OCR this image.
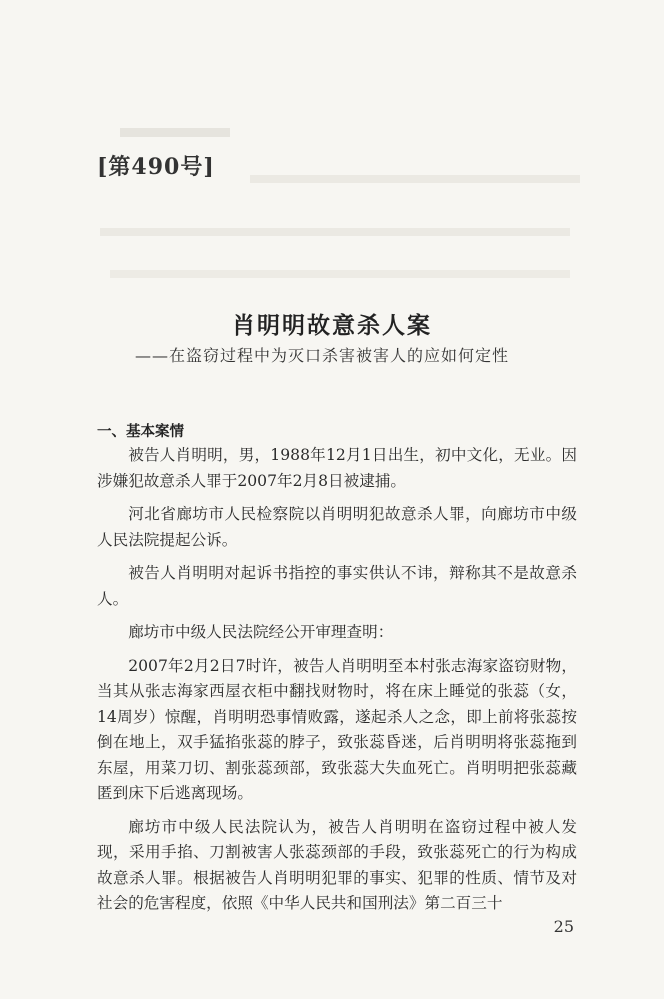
[第490号]
肖明明故意杀人案
——在盗窃过程中为灭口杀害被害人的应如何定性
一、基本案情

被告人肖明明，男，1988年12月1日出生，初中文化，无业。因涉嫌犯故意杀人罪于2007年2月8日被逮捕。

河北省廊坊市人民检察院以肖明明犯故意杀人罪，向廊坊市中级人民法院提起公诉。

被告人肖明明对起诉书指控的事实供认不讳，辩称其不是故意杀人。

廊坊市中级人民法院经公开审理查明：

2007年2月2日7时许，被告人肖明明至本村张志海家盗窃财物，当其从张志海家西屋衣柜中翻找财物时，将在床上睡觉的张蕊（女，14周岁）惊醒，肖明明恐事情败露，遂起杀人之念，即上前将张蕊按倒在地上，双手猛掐张蕊的脖子，致张蕊昏迷，后肖明明将张蕊拖到东屋，用菜刀切、割张蕊颈部，致张蕊大失血死亡。肖明明把张蕊藏匿到床下后逃离现场。

廊坊市中级人民法院认为，被告人肖明明在盗窃过程中被人发现，采用手掐、刀割被害人张蕊颈部的手段，致张蕊死亡的行为构成故意杀人罪。根据被告人肖明明犯罪的事实、犯罪的性质、情节及对社会的危害程度，依照《中华人民共和国刑法》第二百三十

25
